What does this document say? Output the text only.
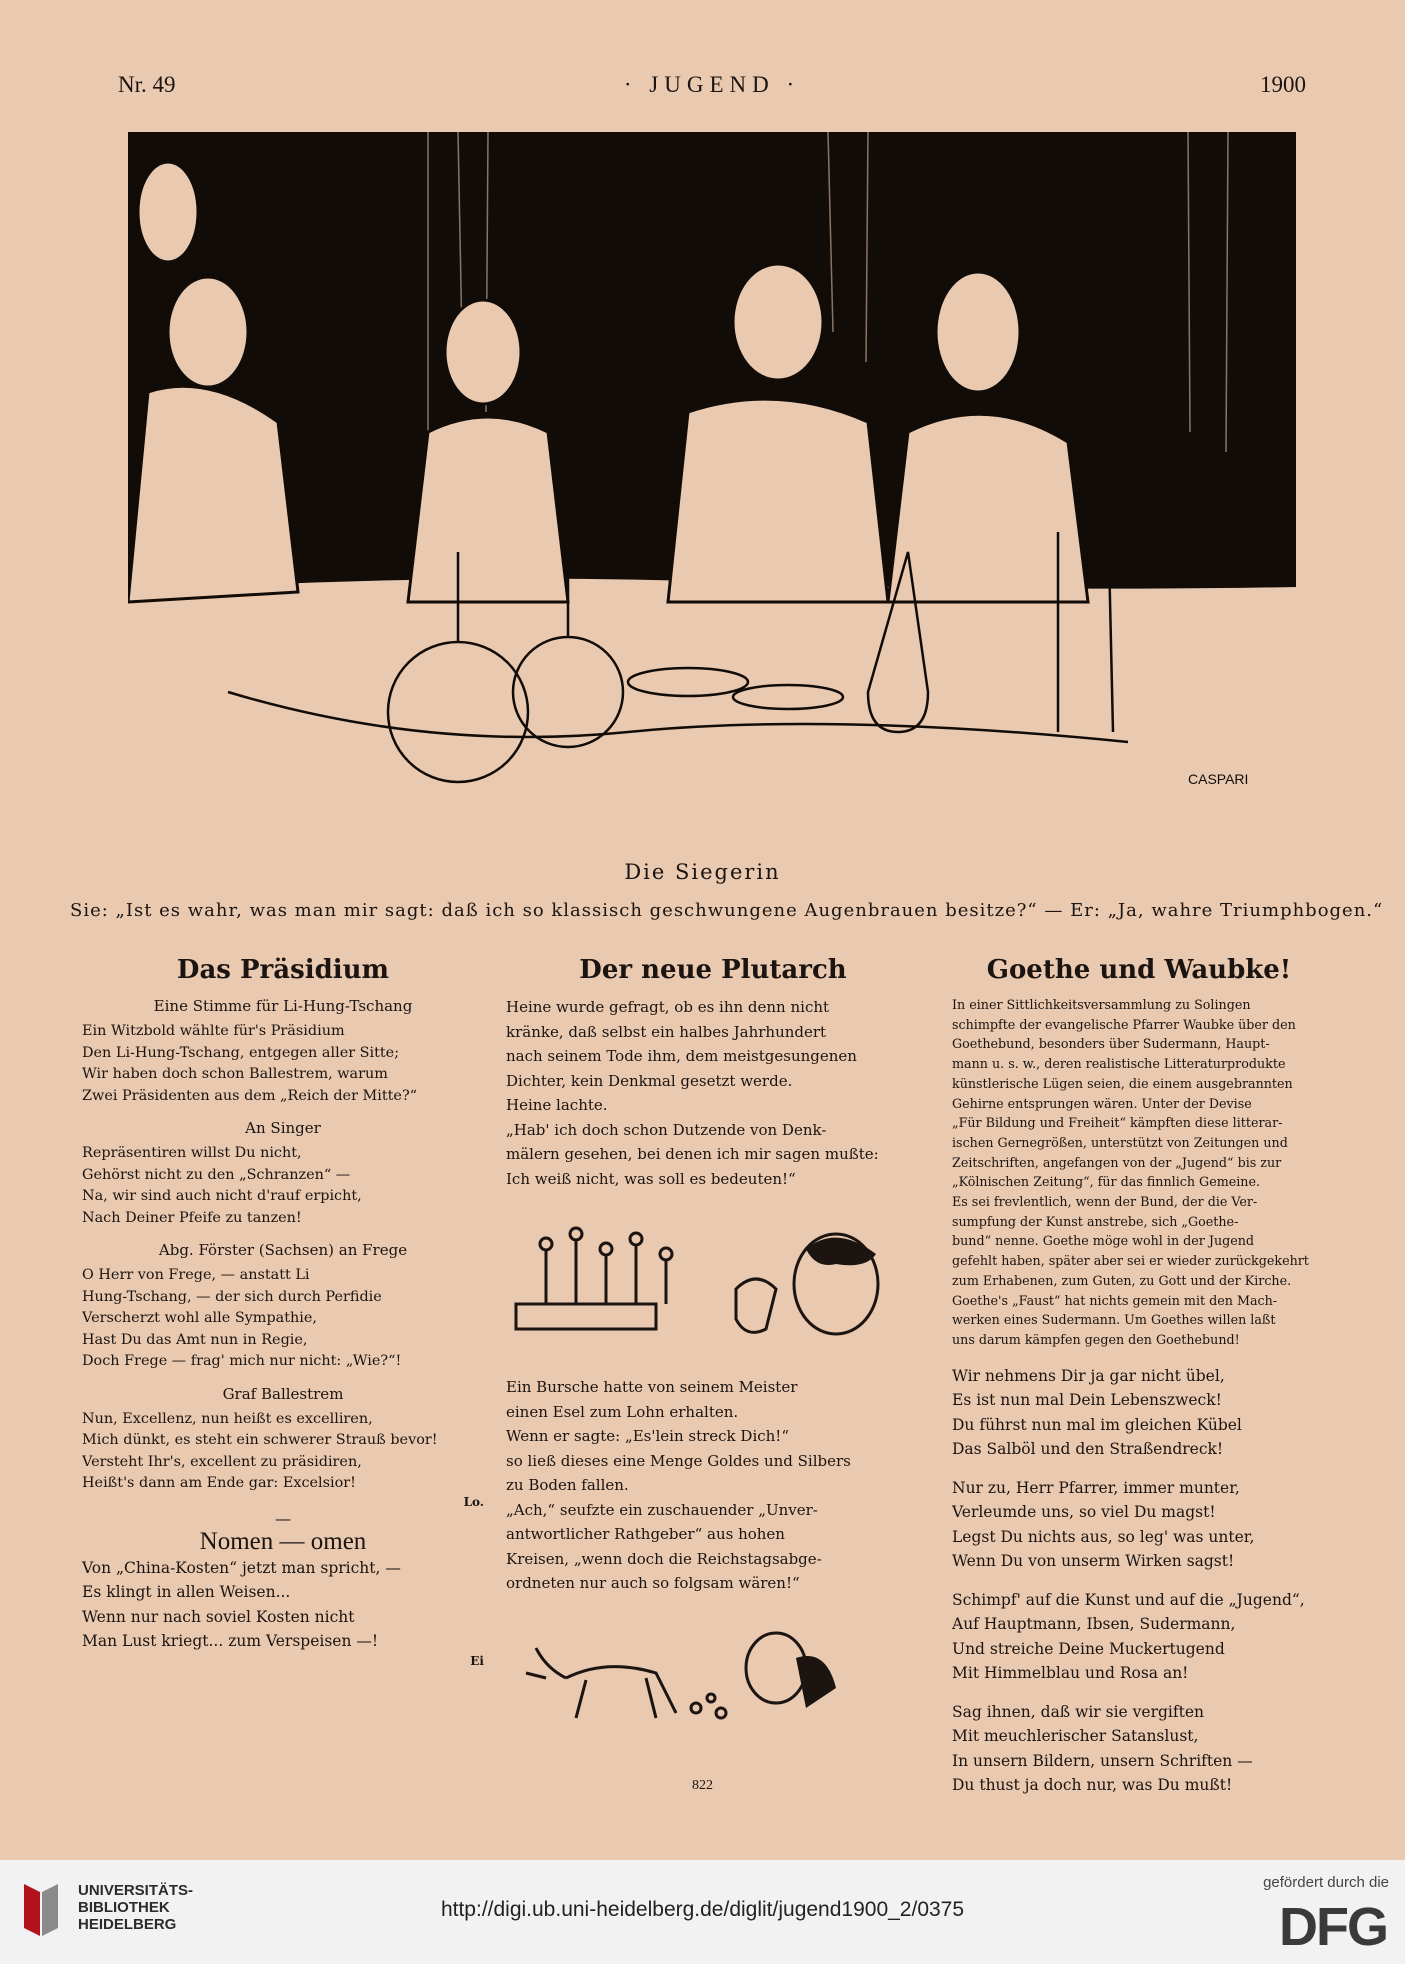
Nr. 49	· JUGEND ·	1900
CASPARI
Die Siegerin
Sie: „Ist es wahr, was man mir sagt: daß ich so klassisch geschwungene Augenbrauen besitze?“ — Er: „Ja, wahre Triumphbogen.“
Das Präsidium
Eine Stimme für Li-Hung-Tschang

Ein Witzbold wählte für's Präsidium

Den Li-Hung-Tschang, entgegen aller Sitte;

Wir haben doch schon Ballestrem, warum

Zwei Präsidenten aus dem „Reich der Mitte?“

An Singer

Repräsentiren willst Du nicht,

Gehörst nicht zu den „Schranzen“ —

Na, wir sind auch nicht d'rauf erpicht,

Nach Deiner Pfeife zu tanzen!

Abg. Förster (Sachsen) an Frege

O Herr von Frege, — anstatt Li

Hung-Tschang, — der sich durch Perfidie

Verscherzt wohl alle Sympathie,

Hast Du das Amt nun in Regie,

Doch Frege — frag' mich nur nicht: „Wie?“!

Graf Ballestrem

Nun, Excellenz, nun heißt es excelliren,

Mich dünkt, es steht ein schwerer Strauß bevor!

Versteht Ihr's, excellent zu präsidiren,

Heißt's dann am Ende gar: Excelsior!

Lo.

—

Nomen — omen

Von „China-Kosten“ jetzt man spricht, —

Es klingt in allen Weisen...

Wenn nur nach soviel Kosten nicht

Man Lust kriegt... zum Verspeisen —!

Ei

Der neue Plutarch

Heine wurde gefragt, ob es ihn denn nicht

kränke, daß selbst ein halbes Jahrhundert

nach seinem Tode ihm, dem meistgesungenen

Dichter, kein Denkmal gesetzt werde.

Heine lachte.

„Hab' ich doch schon Dutzende von Denk-

mälern gesehen, bei denen ich mir sagen mußte:

Ich weiß nicht, was soll es bedeuten!“

Ein Bursche hatte von seinem Meister

einen Esel zum Lohn erhalten.

Wenn er sagte: „Es'lein streck Dich!“

so ließ dieses eine Menge Goldes und Silbers

zu Boden fallen.

„Ach,“ seufzte ein zuschauender „Unver-

antwortlicher Rathgeber“ aus hohen

Kreisen, „wenn doch die Reichstagsabge-

ordneten nur auch so folgsam wären!“

Goethe und Waubke!

In einer Sittlichkeitsversammlung zu Solingen

schimpfte der evangelische Pfarrer Waubke über den

Goethebund, besonders über Sudermann, Haupt-

mann u. s. w., deren realistische Litteraturprodukte

künstlerische Lügen seien, die einem ausgebrannten

Gehirne entsprungen wären. Unter der Devise

„Für Bildung und Freiheit“ kämpften diese litterar-

ischen Gernegrößen, unterstützt von Zeitungen und

Zeitschriften, angefangen von der „Jugend“ bis zur

„Kölnischen Zeitung“, für das finnlich Gemeine.

Es sei frevlentlich, wenn der Bund, der die Ver-

sumpfung der Kunst anstrebe, sich „Goethe-

bund“ nenne. Goethe möge wohl in der Jugend

gefehlt haben, später aber sei er wieder zurückgekehrt

zum Erhabenen, zum Guten, zu Gott und der Kirche.

Goethe's „Faust“ hat nichts gemein mit den Mach-

werken eines Sudermann. Um Goethes willen laßt

uns darum kämpfen gegen den Goethebund!

Wir nehmens Dir ja gar nicht übel,

Es ist nun mal Dein Lebenszweck!

Du führst nun mal im gleichen Kübel

Das Salböl und den Straßendreck!

Nur zu, Herr Pfarrer, immer munter,

Verleumde uns, so viel Du magst!

Legst Du nichts aus, so leg' was unter,

Wenn Du von unserm Wirken sagst!

Schimpf' auf die Kunst und auf die „Jugend“,

Auf Hauptmann, Ibsen, Sudermann,

Und streiche Deine Muckertugend

Mit Himmelblau und Rosa an!

Sag ihnen, daß wir sie vergiften

Mit meuchlerischer Satanslust,

In unsern Bildern, unsern Schriften —

Du thust ja doch nur, was Du mußt!

822
UNIVERSITÄTS-
BIBLIOTHEK
HEIDELBERG
http://digi.ub.uni-heidelberg.de/diglit/jugend1900_2/0375
gefördert durch die
DFG
